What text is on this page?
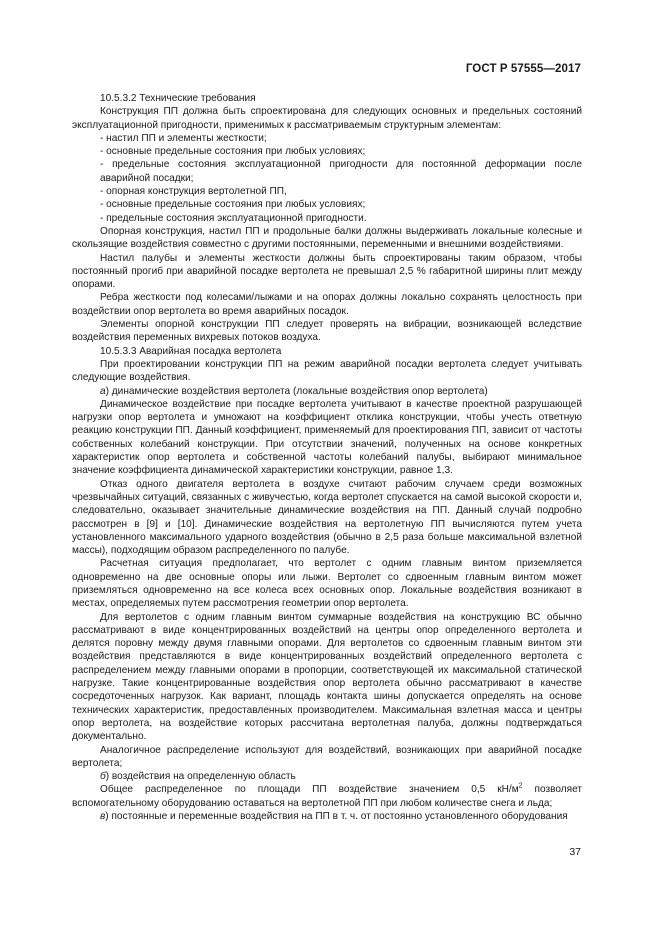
ГОСТ Р 57555—2017

10.5.3.2 Технические требования

Конструкция ПП должна быть спроектирована для следующих основных и предельных состояний эксплуатационной пригодности, применимых к рассматриваемым структурным элементам:

- настил ПП и элементы жесткости;

- основные предельные состояния при любых условиях;

- предельные состояния эксплуатационной пригодности для постоянной деформации после аварийной посадки;

- опорная конструкция вертолетной ПП,

- основные предельные состояния при любых условиях;

- предельные состояния эксплуатационной пригодности.

Опорная конструкция, настил ПП и продольные балки должны выдерживать локальные колесные и скользящие воздействия совместно с другими постоянными, переменными и внешними воздействиями.

Настил палубы и элементы жесткости должны быть спроектированы таким образом, чтобы постоянный прогиб при аварийной посадке вертолета не превышал 2,5 % габаритной ширины плит между опорами.

Ребра жесткости под колесами/лыжами и на опорах должны локально сохранять целостность при воздействии опор вертолета во время аварийных посадок.

Элементы опорной конструкции ПП следует проверять на вибрации, возникающей вследствие воздействия переменных вихревых потоков воздуха.

10.5.3.3 Аварийная посадка вертолета

При проектировании конструкции ПП на режим аварийной посадки вертолета следует учитывать следующие воздействия.

а) динамические воздействия вертолета (локальные воздействия опор вертолета)

Динамическое воздействие при посадке вертолета учитывают в качестве проектной разрушающей нагрузки опор вертолета и умножают на коэффициент отклика конструкции, чтобы учесть ответную реакцию конструкции ПП. Данный коэффициент, применяемый для проектирования ПП, зависит от частоты собственных колебаний конструкции. При отсутствии значений, полученных на основе конкретных характеристик опор вертолета и собственной частоты колебаний палубы, выбирают минимальное значение коэффициента динамической характеристики конструкции, равное 1,3.

Отказ одного двигателя вертолета в воздухе считают рабочим случаем среди возможных чрезвычайных ситуаций, связанных с живучестью, когда вертолет спускается на самой высокой скорости и, следовательно, оказывает значительные динамические воздействия на ПП. Данный случай подробно рассмотрен в [9] и [10]. Динамические воздействия на вертолетную ПП вычисляются путем учета установленного максимального ударного воздействия (обычно в 2,5 раза больше максимальной взлетной массы), подходящим образом распределенного по палубе.

Расчетная ситуация предполагает, что вертолет с одним главным винтом приземляется одновременно на две основные опоры или лыжи. Вертолет со сдвоенным главным винтом может приземляться одновременно на все колеса всех основных опор. Локальные воздействия возникают в местах, определяемых путем рассмотрения геометрии опор вертолета.

Для вертолетов с одним главным винтом суммарные воздействия на конструкцию ВС обычно рассматривают в виде концентрированных воздействий на центры опор определенного вертолета и делятся поровну между двумя главными опорами. Для вертолетов со сдвоенным главным винтом эти воздействия представляются в виде концентрированных воздействий определенного вертолета с распределением между главными опорами в пропорции, соответствующей их максимальной статической нагрузке. Такие концентрированные воздействия опор вертолета обычно рассматривают в качестве сосредоточенных нагрузок. Как вариант, площадь контакта шины допускается определять на основе технических характеристик, предоставленных производителем. Максимальная взлетная масса и центры опор вертолета, на воздействие которых рассчитана вертолетная палуба, должны подтверждаться документально.

Аналогичное распределение используют для воздействий, возникающих при аварийной посадке вертолета;

б) воздействия на определенную область

Общее распределенное по площади ПП воздействие значением 0,5 $кН/м^2$ позволяет вспомогательному оборудованию оставаться на вертолетной ПП при любом количестве снега и льда;

в) постоянные и переменные воздействия на ПП в т. ч. от постоянно установленного оборудования

37
